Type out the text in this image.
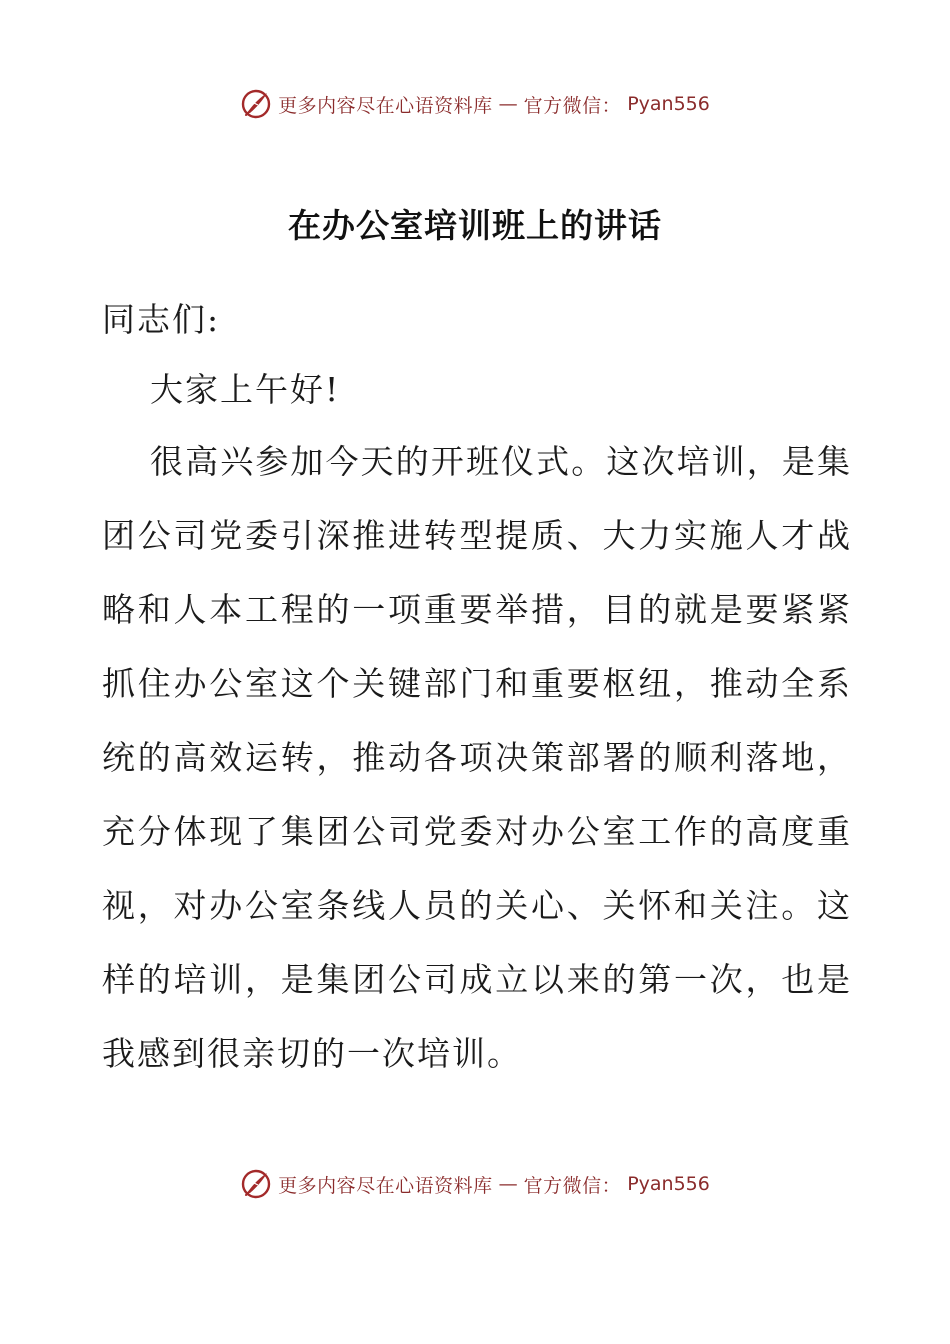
更多内容尽在心语资料库 — 官方微信： Pyan556
在办公室培训班上的讲话
同志们:
大家上午好!
很高兴参加今天的开班仪式。这次培训，是集
团公司党委引深推进转型提质、大力实施人才战
略和人本工程的一项重要举措，目的就是要紧紧
抓住办公室这个关键部门和重要枢纽，推动全系
统的高效运转，推动各项决策部署的顺利落地，
充分体现了集团公司党委对办公室工作的高度重
视，对办公室条线人员的关心、关怀和关注。这
样的培训，是集团公司成立以来的第一次，也是
我感到很亲切的一次培训。
更多内容尽在心语资料库 — 官方微信： Pyan556
